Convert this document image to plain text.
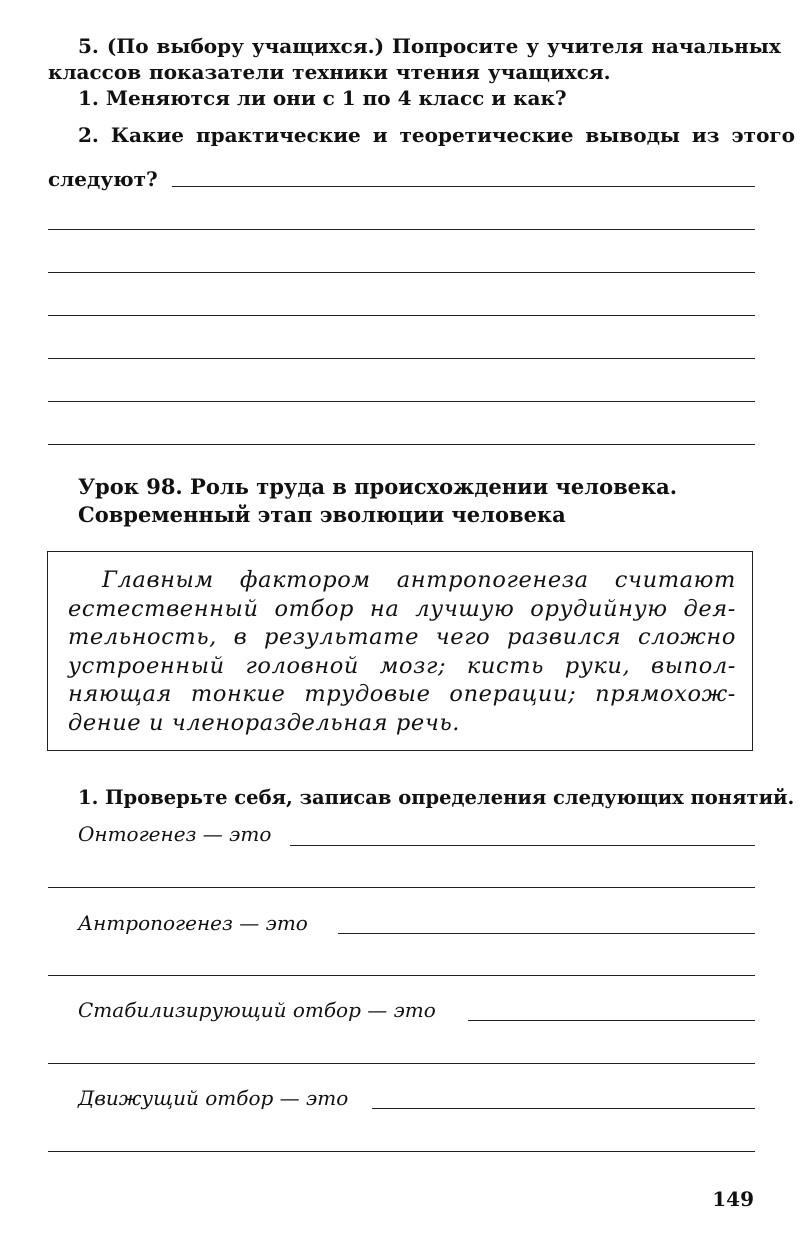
5. (По выбору учащихся.) Попросите у учителя начальных
классов показатели техники чтения учащихся.
1. Меняются ли они с 1 по 4 класс и как?
2. Какие практические и теоретические выводы из этого
следуют?
Урок 98. Роль труда в происхождении человека.
Современный этап эволюции человека
Главным фактором антропогенеза считают
естественный отбор на лучшую орудийную дея-
тельность, в результате чего развился сложно
устроенный головной мозг; кисть руки, выпол-
няющая тонкие трудовые операции; прямохож-
дение и членораздельная речь.
1. Проверьте себя, записав определения следующих понятий.
Онтогенез — это
Антропогенез — это
Стабилизирующий отбор — это
Движущий отбор — это
149
